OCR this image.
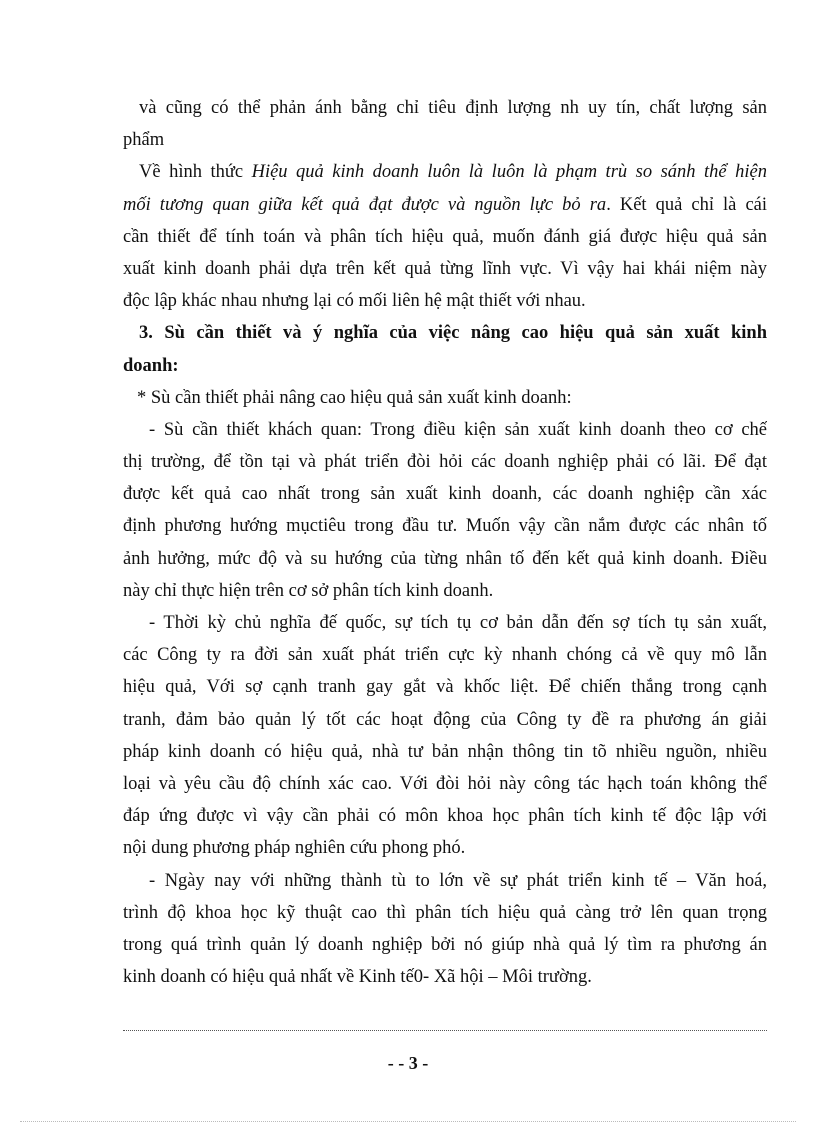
và cũng có thể phản ánh bằng chỉ tiêu định lượng nh uy tín, chất lượng sản
phẩm
Về hình thức Hiệu quả kinh doanh luôn là luôn là phạm trù so sánh thể hiện
mối tương quan giữa kết quả đạt được và nguồn lực bỏ ra. Kết quả chỉ là cái
cần thiết để tính toán và phân tích hiệu quả, muốn đánh giá được hiệu quả sản
xuất kinh doanh phải dựa trên kết quả từng lĩnh vực. Vì vậy hai khái niệm này
độc lập khác nhau nhưng lại có mối liên hệ mật thiết với nhau.
3. Sù cần thiết và ý nghĩa của việc nâng cao hiệu quả sản xuất kinh
doanh:
* Sù cần thiết phải nâng cao hiệu quả sản xuất kinh doanh:
- Sù cần thiết khách quan: Trong điều kiện sản xuất kinh doanh theo cơ chế
thị trường, để tồn tại và phát triển đòi hỏi các doanh nghiệp phải có lãi. Để đạt
được kết quả cao nhất trong sản xuất kinh doanh, các doanh nghiệp cần xác
định phương hướng mụctiêu trong đầu tư. Muốn vậy cần nắm được các nhân tố
ảnh hưởng, mức độ và su hướng của từng nhân tố đến kết quả kinh doanh. Điều
này chỉ thực hiện trên cơ sở phân tích kinh doanh.
- Thời kỳ chủ nghĩa đế quốc, sự tích tụ cơ bản dẫn đến sợ tích tụ sản xuất,
các Công ty ra đời sản xuất phát triển cực kỳ nhanh chóng cả về quy mô lẫn
hiệu quả, Với sợ cạnh tranh gay gắt và khốc liệt. Để chiến thắng trong cạnh
tranh, đảm bảo quản lý tốt các hoạt động của Công ty đề ra phương án giải
pháp kinh doanh có hiệu quả, nhà tư bản nhận thông tin tõ nhiều nguồn, nhiều
loại và yêu cầu độ chính xác cao. Với đòi hỏi này công tác hạch toán không thể
đáp ứng được vì vậy cần phải có môn khoa học phân tích kinh tế độc lập với
nội dung phương pháp nghiên cứu phong phó.
- Ngày nay với những thành tù to lớn về sự phát triển kinh tế – Văn hoá,
trình độ khoa học kỹ thuật cao thì phân tích hiệu quả càng trở lên quan trọng
trong quá trình quản lý doanh nghiệp bởi nó giúp nhà quả lý tìm ra phương án
kinh doanh có hiệu quả nhất về Kinh tế0- Xã hội – Môi trường.
- - 3 -
